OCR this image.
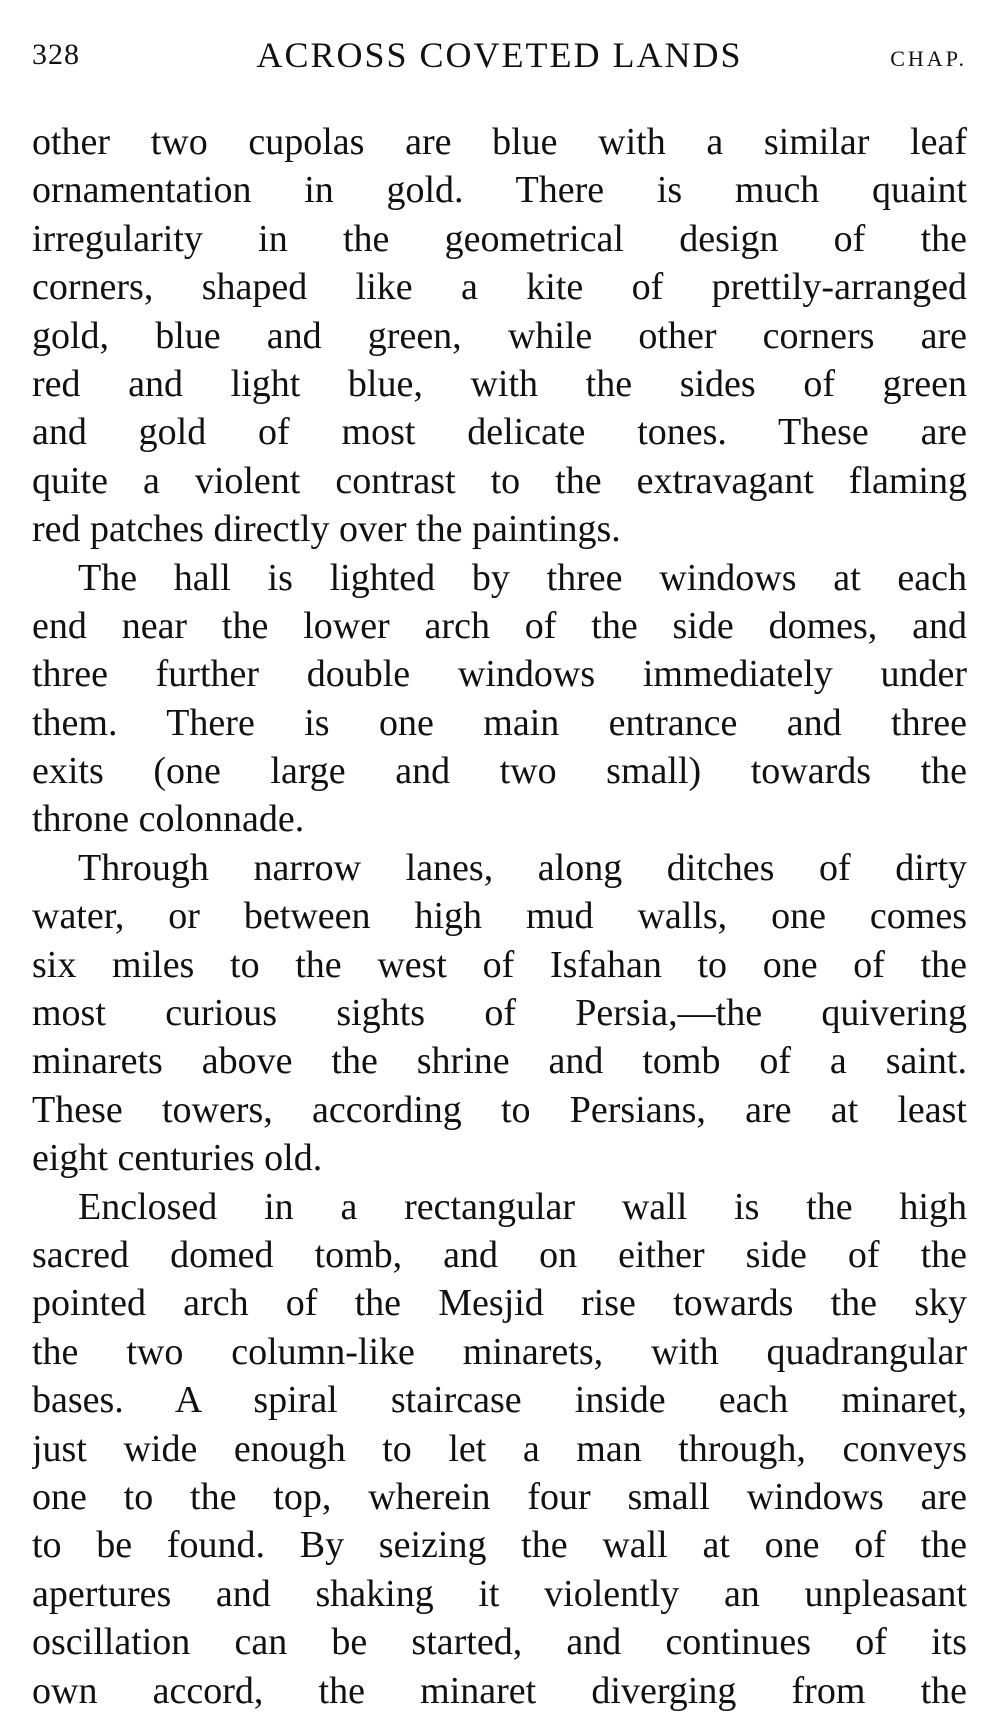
328	ACROSS COVETED LANDS	CHAP.
other two cupolas are blue with a similar leaf
ornamentation in gold. There is much quaint
irregularity in the geometrical design of the
corners, shaped like a kite of prettily-arranged
gold, blue and green, while other corners are
red and light blue, with the sides of green
and gold of most delicate tones. These are
quite a violent contrast to the extravagant flaming
red patches directly over the paintings.
The hall is lighted by three windows at each
end near the lower arch of the side domes, and
three further double windows immediately under
them. There is one main entrance and three
exits (one large and two small) towards the
throne colonnade.
Through narrow lanes, along ditches of dirty
water, or between high mud walls, one comes
six miles to the west of Isfahan to one of the
most curious sights of Persia,—the quivering
minarets above the shrine and tomb of a saint.
These towers, according to Persians, are at least
eight centuries old.
Enclosed in a rectangular wall is the high
sacred domed tomb, and on either side of the
pointed arch of the Mesjid rise towards the sky
the two column-like minarets, with quadrangular
bases. A spiral staircase inside each minaret,
just wide enough to let a man through, conveys
one to the top, wherein four small windows are
to be found. By seizing the wall at one of the
apertures and shaking it violently an unpleasant
oscillation can be started, and continues of its
own accord, the minaret diverging from the
